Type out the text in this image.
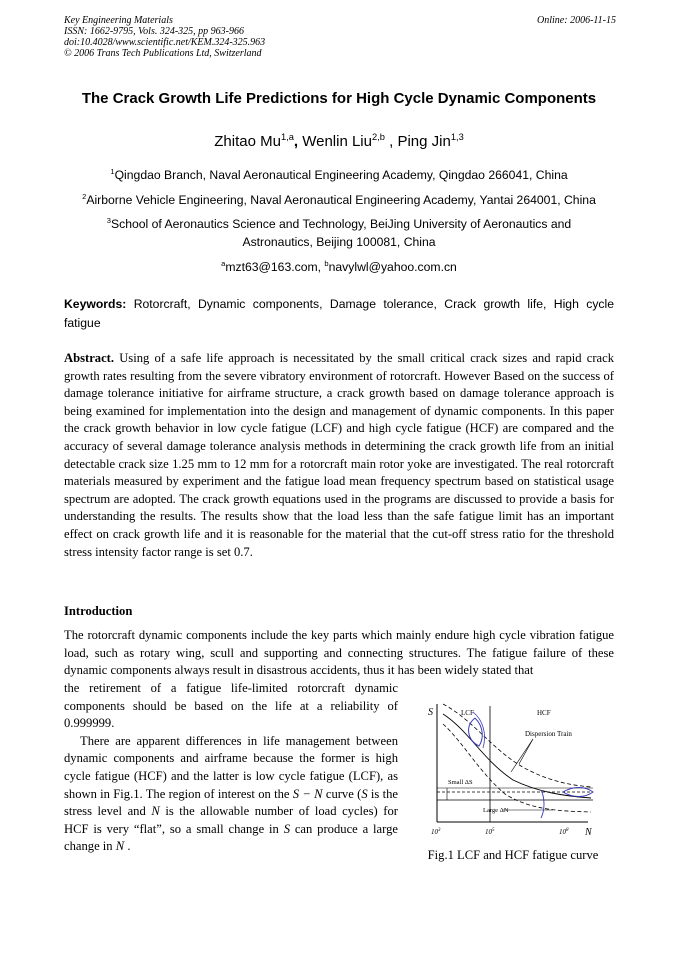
Key Engineering Materials
ISSN: 1662-9795, Vols. 324-325, pp 963-966
doi:10.4028/www.scientific.net/KEM.324-325.963
© 2006 Trans Tech Publications Ltd, Switzerland
Online: 2006-11-15
The Crack Growth Life Predictions for High Cycle Dynamic Components
Zhitao Mu$^{1,a}$, Wenlin Liu$^{2,b}$ , Ping Jin$^{1,3}$
$^1$Qingdao Branch, Naval Aeronautical Engineering Academy, Qingdao 266041, China
$^2$Airborne Vehicle Engineering, Naval Aeronautical Engineering Academy, Yantai 264001, China
$^3$School of Aeronautics Science and Technology, BeiJing University of Aeronautics and Astronautics, Beijing 100081, China
$^a$mzt63@163.com, $^b$navylwl@yahoo.com.cn
Keywords: Rotorcraft, Dynamic components, Damage tolerance, Crack growth life, High cycle fatigue
Abstract. Using of a safe life approach is necessitated by the small critical crack sizes and rapid crack growth rates resulting from the severe vibratory environment of rotorcraft. However Based on the success of damage tolerance initiative for airframe structure, a crack growth based on damage tolerance approach is being examined for implementation into the design and management of dynamic components. In this paper the crack growth behavior in low cycle fatigue (LCF) and high cycle fatigue (HCF) are compared and the accuracy of several damage tolerance analysis methods in determining the crack growth life from an initial detectable crack size 1.25 mm to 12 mm for a rotorcraft main rotor yoke are investigated. The real rotorcraft materials measured by experiment and the fatigue load mean frequency spectrum based on statistical usage spectrum are adopted. The crack growth equations used in the programs are discussed to provide a basis for understanding the results. The results show that the load less than the safe fatigue limit has an important effect on crack growth life and it is reasonable for the material that the cut-off stress ratio for the threshold stress intensity factor range is set 0.7.
Introduction
The rotorcraft dynamic components include the key parts which mainly endure high cycle vibration fatigue load, such as rotary wing, scull and supporting and connecting structures. The fatigue failure of these dynamic components always result in disastrous accidents, thus it has been widely stated that
the retirement of a fatigue life-limited rotorcraft dynamic components should be based on the life at a reliability of 0.999999.
There are apparent differences in life management between dynamic components and airframe because the former is high cycle fatigue (HCF) and the latter is low cycle fatigue (LCF), as shown in Fig.1. The region of interest on the S − N curve (S is the stress level and N is the allowable number of load cycles) for HCF is very “flat”, so a small change in S can produce a large change in N .
S
N
LCF	HCF
Dispersion Train
Small ΔS
Large ΔN
$10^3$	$10^5$	$10^8$
Fig.1 LCF and HCF fatigue curve
